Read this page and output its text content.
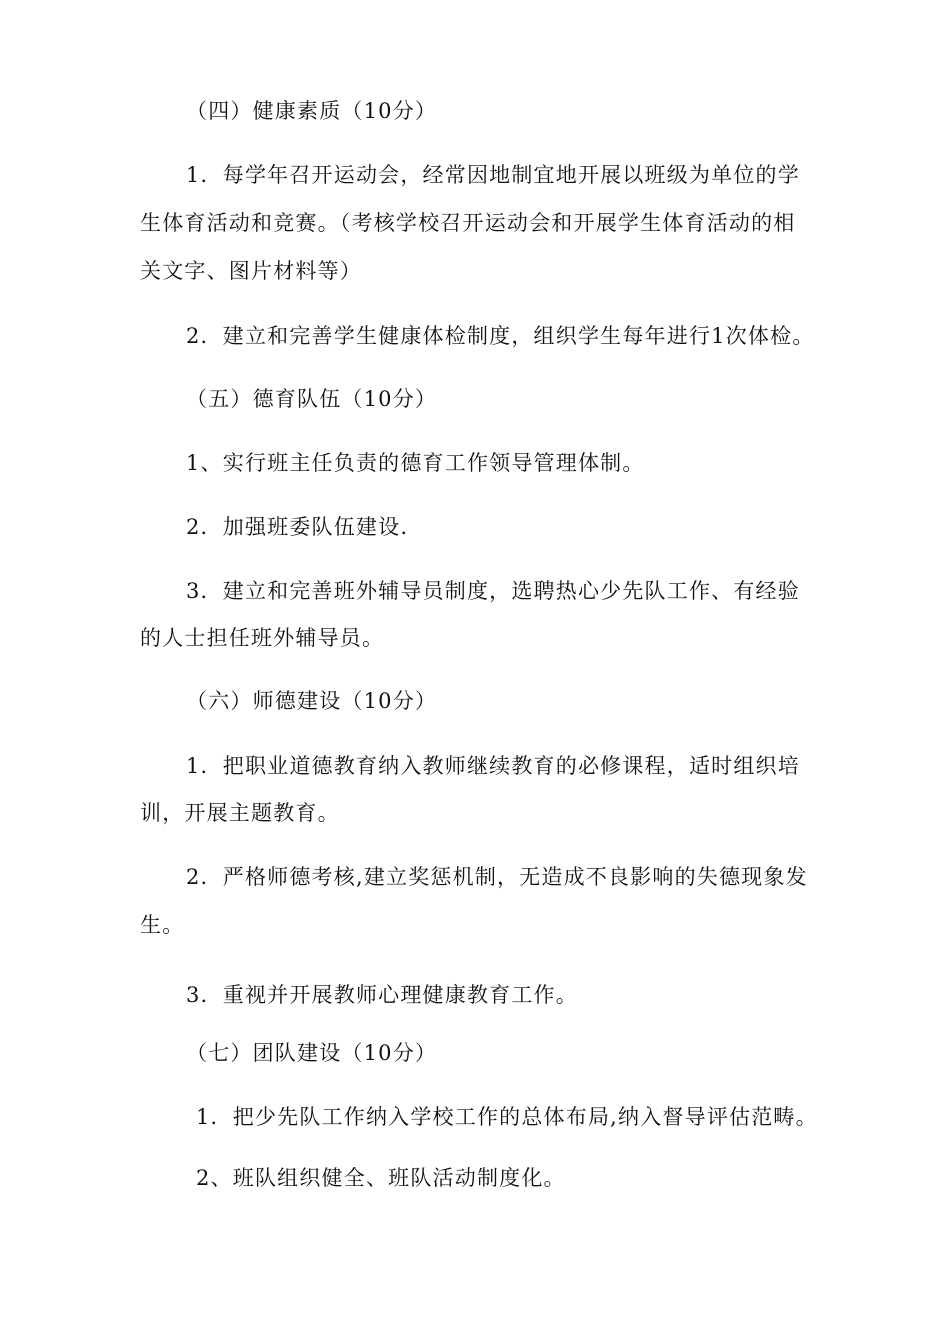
（四）健康素质（10分）
1．每学年召开运动会，经常因地制宜地开展以班级为单位的学
生体育活动和竞赛。（考核学校召开运动会和开展学生体育活动的相
关文字、图片材料等）
2．建立和完善学生健康体检制度，组织学生每年进行1次体检。
（五）德育队伍（10分）
1、实行班主任负责的德育工作领导管理体制。
2．加强班委队伍建设.
3．建立和完善班外辅导员制度，选聘热心少先队工作、有经验
的人士担任班外辅导员。
（六）师德建设（10分）
1．把职业道德教育纳入教师继续教育的必修课程，适时组织培
训，开展主题教育。
2．严格师德考核,建立奖惩机制，无造成不良影响的失德现象发
生。
3．重视并开展教师心理健康教育工作。
（七）团队建设（10分）
1．把少先队工作纳入学校工作的总体布局,纳入督导评估范畴。
2、班队组织健全、班队活动制度化。
